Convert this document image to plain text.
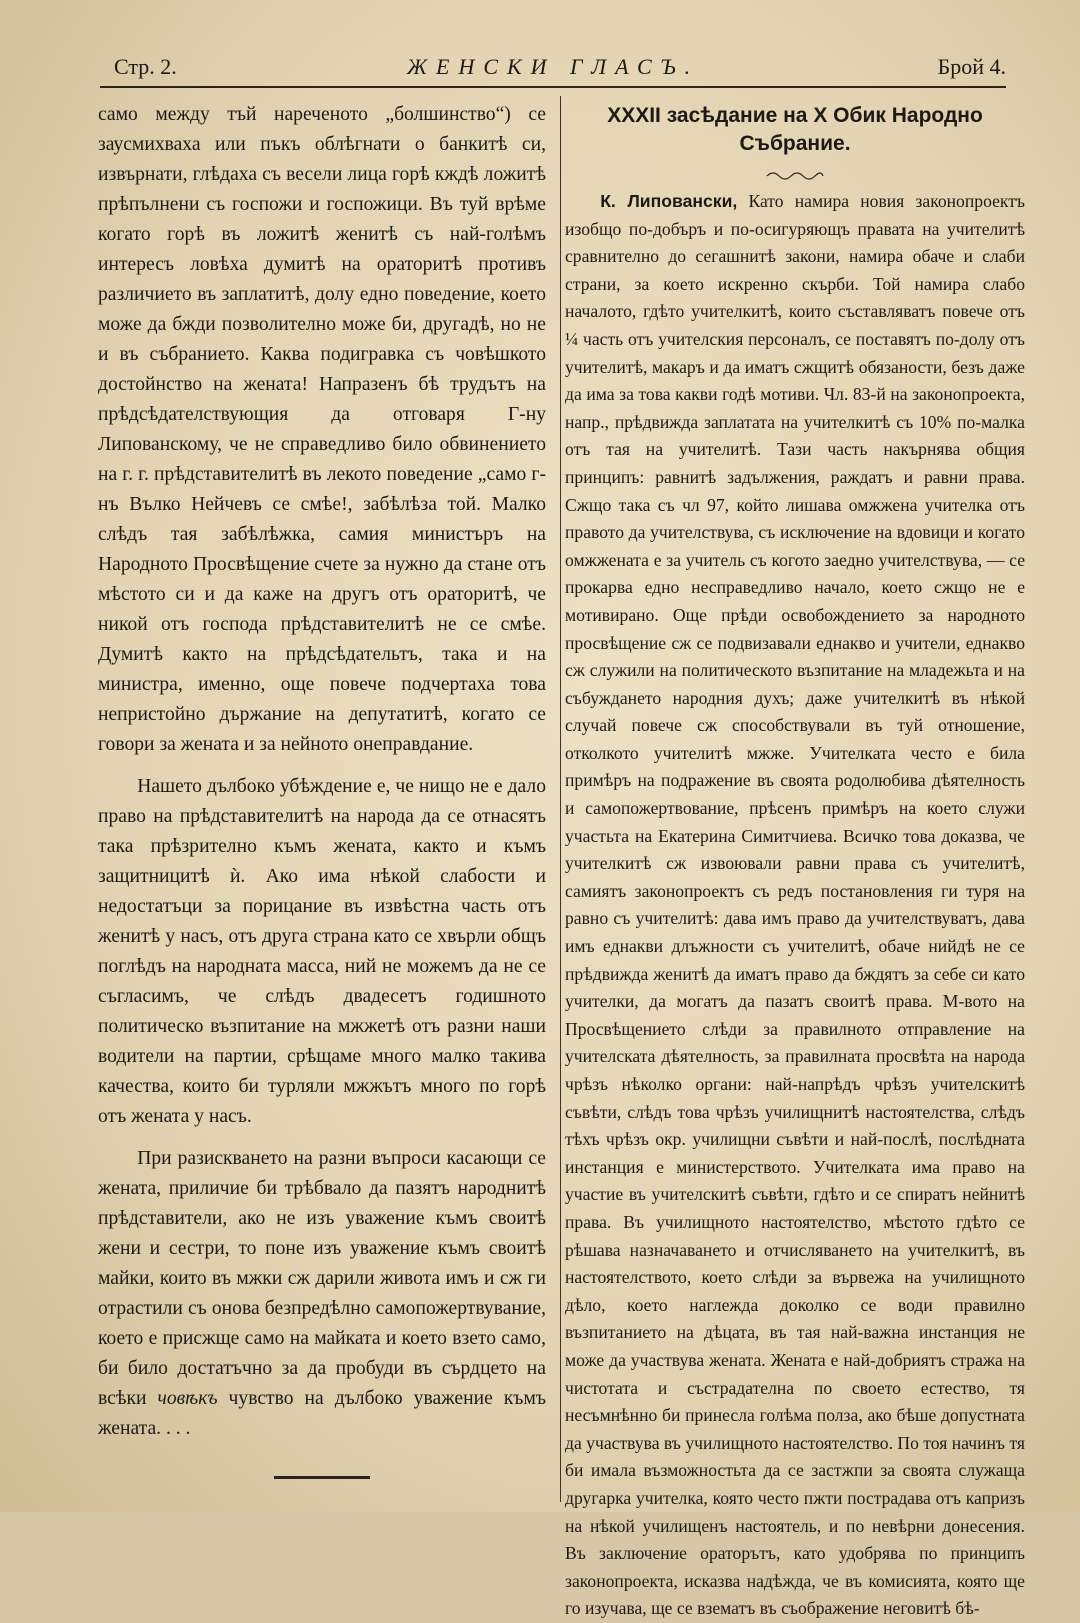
Стр. 2.	ЖЕНСКИ ГЛАСЪ.	Брой 4.

само между тъй нареченото „болшинство“) се заусмихваха или пъкъ облѣгнати о банкитѣ си, извърнати, глѣдаха съ весели лица горѣ кждѣ ложитѣ прѣпълнени съ госпожи и госпожици. Въ туй врѣме когато горѣ въ ложитѣ женитѣ съ най-голѣмъ интересъ ловѣха думитѣ на ораторитѣ противъ различието въ заплатитѣ, долу едно поведение, което може да бжди позволително може би, другадѣ, но не и въ събранието. Каква подигравка съ човѣшкото достойнство на жената! Напразенъ бѣ трудътъ на прѣдсѣдателствующия да отговаря Г-ну Липованскому, че не справедливо било обвинението на г. г. прѣдставителитѣ въ лекото поведение „само г-нъ Вълко Нейчевъ се смѣе!, забѣлѣза той. Малко слѣдъ тая забѣлѣжка, самия министъръ на Народното Просвѣщение счете за нужно да стане отъ мѣстото си и да каже на другъ отъ ораторитѣ, че никой отъ господа прѣдставителитѣ не се смѣе. Думитѣ както на прѣдсѣдательтъ, така и на министра, именно, още повече подчертаха това непристойно държание на депутатитѣ, когато се говори за жената и за нейното онеправдание.

Нашето дълбоко убѣждение е, че нищо не е дало право на прѣдставителитѣ на народа да се отнасятъ така прѣзрително къмъ жената, както и къмъ защитницитѣ ѝ. Ако има нѣкой слабости и недостатъци за порицание въ извѣстна часть отъ женитѣ у насъ, отъ друга страна като се хвърли общъ поглѣдъ на народната масса, ний не можемъ да не се съгласимъ, че слѣдъ двадесетъ годишното политическо възпитание на мжжетѣ отъ разни наши водители на партии, срѣщаме много малко такива качества, които би турляли мжжътъ много по горѣ отъ жената у насъ.

При разискването на разни въпроси касающи се жената, приличие би трѣбвало да пазятъ народнитѣ прѣдставители, ако не изъ уважение къмъ своитѣ жени и сестри, то поне изъ уважение къмъ своитѣ майки, които въ мжки сж дарили живота имъ и сж ги отрастили съ онова безпредѣлно самопожертвувание, което е присжще само на майката и което взето само, би било достатъчно за да пробуди въ сърдцето на всѣки човѣкъ чувство на дълбоко уважение къмъ жената. . . .

XXXII засѣдание на X Обик Народно Събрание.

К. Липовански, Като намира новия законопроектъ изобщо по-добъръ и по-осигуряющъ правата на учителитѣ сравнително до сегашнитѣ закони, намира обаче и слаби страни, за което искренно скърби. Той намира слабо началото, гдѣто учителкитѣ, които съставляватъ повече отъ ¼ часть отъ учителския персоналъ, се поставятъ по-долу отъ учителитѣ, макаръ и да иматъ сжщитѣ обязаности, безъ даже да има за това какви годѣ мотиви. Чл. 83-й на законопроекта, напр., прѣдвижда заплатата на учителкитѣ съ 10% по-малка отъ тая на учителитѣ. Тази часть накърнява общия принципъ: равнитѣ задължения, раждатъ и равни права. Сжщо така съ чл 97, който лишава омжжена учителка отъ правото да учителствува, съ исключение на вдовици и когато омжжената е за учитель съ когото заедно учителствува, — се прокарва едно несправедливо начало, което сжщо не е мотивирано. Още прѣди освобождението за народното просвѣщение сж се подвизавали еднакво и учители, еднакво сж служили на политическото възпитание на младежьта и на събуждането народния духъ; даже учителкитѣ въ нѣкой случай повече сж способствували въ туй отношение, отколкото учителитѣ мжже. Учителката често е била примѣръ на подражение въ своята родолюбива дѣятелность и самопожертвование, прѣсенъ примѣръ на което служи участьта на Екатерина Симитчиева. Всичко това доказва, че учителкитѣ сж извоювали равни права съ учителитѣ, самиятъ законопроектъ съ редъ постановления ги туря на равно съ учителитѣ: дава имъ право да учителствуватъ, дава имъ еднакви длъжности съ учителитѣ, обаче нийдѣ не се прѣдвижда женитѣ да иматъ право да бждятъ за себе си като учителки, да могатъ да пазатъ своитѣ права. М-вото на Просвѣщението слѣди за правилното отправление на учителската дѣятелность, за правилната просвѣта на народа чрѣзъ нѣколко органи: най-напрѣдъ чрѣзъ учителскитѣ съвѣти, слѣдъ това чрѣзъ училищнитѣ настоятелства, слѣдъ тѣхъ чрѣзъ окр. училищни съвѣти и най-послѣ, послѣдната инстанция е министерството. Учителката има право на участие въ учителскитѣ съвѣти, гдѣто и се спиратъ нейнитѣ права. Въ училищното настоятелство, мѣстото гдѣто се рѣшава назначаването и отчисляването на учителкитѣ, въ настоятелството, което слѣди за вървежа на училищното дѣло, което наглежда доколко се води правилно възпитанието на дѣцата, въ тая най-важна инстанция не може да участвува жената. Жената е най-добриятъ стража на чистотата и състрадателна по своето естество, тя несъмнѣнно би принесла голѣма полза, ако бѣше допустната да участвува въ училищното настоятелство. По тоя начинъ тя би имала възможностьта да се застжпи за своята служаща другарка учителка, която често пжти пострадава отъ капризъ на нѣкой училищенъ настоятель, и по невѣрни донесения. Въ заключение ораторътъ, като удобрява по принципъ законопроекта, исказва надѣжда, че въ комисията, която ще го изучава, ще се взематъ въ съображение неговитѣ бѣ-
